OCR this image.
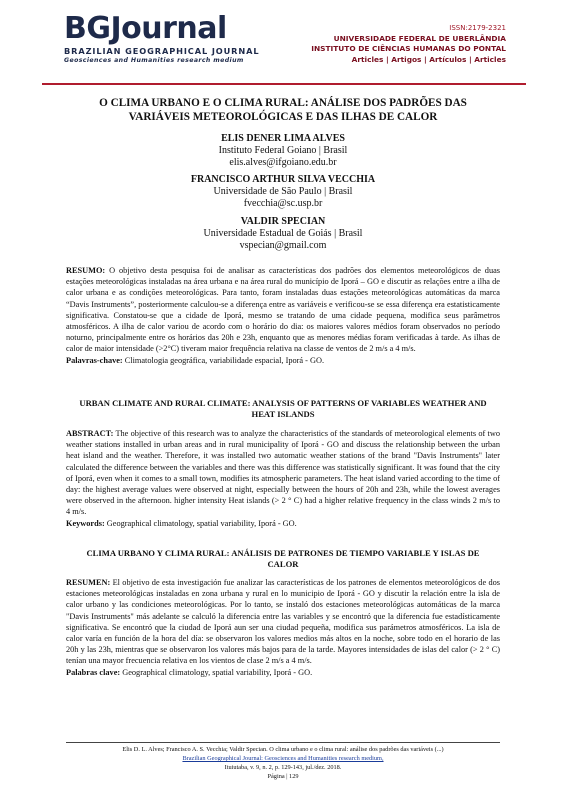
BGJournal
BRAZILIAN GEOGRAPHICAL JOURNAL
Geosciences and Humanities research medium
ISSN:2179-2321
UNIVERSIDADE FEDERAL DE UBERLÂNDIA
INSTITUTO DE CIÊNCIAS HUMANAS DO PONTAL
Articles | Artigos | Artículos | Articles
O CLIMA URBANO E O CLIMA RURAL: ANÁLISE DOS PADRÕES DAS VARIÁVEIS METEOROLÓGICAS E DAS ILHAS DE CALOR
ELIS DENER LIMA ALVES
Instituto Federal Goiano | Brasil
elis.alves@ifgoiano.edu.br
FRANCISCO ARTHUR SILVA VECCHIA
Universidade de São Paulo | Brasil
fvecchia@sc.usp.br
VALDIR SPECIAN
Universidade Estadual de Goiás | Brasil
vspecian@gmail.com
RESUMO: O objetivo desta pesquisa foi de analisar as características dos padrões dos elementos meteorológicos de duas estações meteorológicas instaladas na área urbana e na área rural do município de Iporá – GO e discutir as relações entre a ilha de calor urbana e as condições meteorológicas. Para tanto, foram instaladas duas estações meteorológicas automáticas da marca “Davis Instruments”, posteriormente calculou-se a diferença entre as variáveis e verificou-se se essa diferença era estatisticamente significativa. Constatou-se que a cidade de Iporá, mesmo se tratando de uma cidade pequena, modifica seus parâmetros atmosféricos. A ilha de calor variou de acordo com o horário do dia: os maiores valores médios foram observados no período noturno, principalmente entre os horários das 20h e 23h, enquanto que as menores médias foram verificadas à tarde. As ilhas de calor de maior intensidade (>2°C) tiveram maior frequência relativa na classe de ventos de 2 m/s a 4 m/s.
Palavras-chave: Climatologia geográfica, variabilidade espacial, Iporá - GO.
URBAN CLIMATE AND RURAL CLIMATE: ANALYSIS OF PATTERNS OF VARIABLES WEATHER AND HEAT ISLANDS
ABSTRACT: The objective of this research was to analyze the characteristics of the standards of meteorological elements of two weather stations installed in urban areas and in rural municipality of Iporá - GO and discuss the relationship between the urban heat island and the weather. Therefore, it was installed two automatic weather stations of the brand "Davis Instruments" later calculated the difference between the variables and there was this difference was statistically significant. It was found that the city of Iporá, even when it comes to a small town, modifies its atmospheric parameters. The heat island varied according to the time of day: the highest average values were observed at night, especially between the hours of 20h and 23h, while the lowest averages were observed in the afternoon. higher intensity Heat islands (> 2 ° C) had a higher relative frequency in the class winds 2 m/s to 4 m/s.
Keywords: Geographical climatology, spatial variability, Iporá - GO.
CLIMA URBANO Y CLIMA RURAL: ANÁLISIS DE PATRONES DE TIEMPO VARIABLE Y ISLAS DE CALOR
RESUMEN: El objetivo de esta investigación fue analizar las características de los patrones de elementos meteorológicos de dos estaciones meteorológicas instaladas en zona urbana y rural en lo municipio de Iporá - GO y discutir la relación entre la isla de calor urbano y las condiciones meteorológicas. Por lo tanto, se instaló dos estaciones meteorológicas automáticas de la marca "Davis Instruments" más adelante se calculó la diferencia entre las variables y se encontró que la diferencia fue estadísticamente significativa. Se encontró que la ciudad de Iporá aun ser una ciudad pequeña, modifica sus parámetros atmosféricos. La isla de calor varía en función de la hora del día: se observaron los valores medios más altos en la noche, sobre todo en el horario de las 20h y las 23h, mientras que se observaron los valores más bajos para de la tarde. Mayores intensidades de islas del calor (> 2 ° C) tenían una mayor frecuencia relativa en los vientos de clase 2 m/s a 4 m/s.
Palabras clave: Geographical climatology, spatial variability, Iporá - GO.
Elis D. L. Alves; Francisco A. S. Vecchia; Valdir Specian. O clima urbano e o clima rural: análise dos padrões das variáveis (...)
Brazilian Geographical Journal: Geosciences and Humanities research medium,
Ituiutaba, v. 9, n. 2, p. 129-143, jul./dez. 2018.
Página | 129
